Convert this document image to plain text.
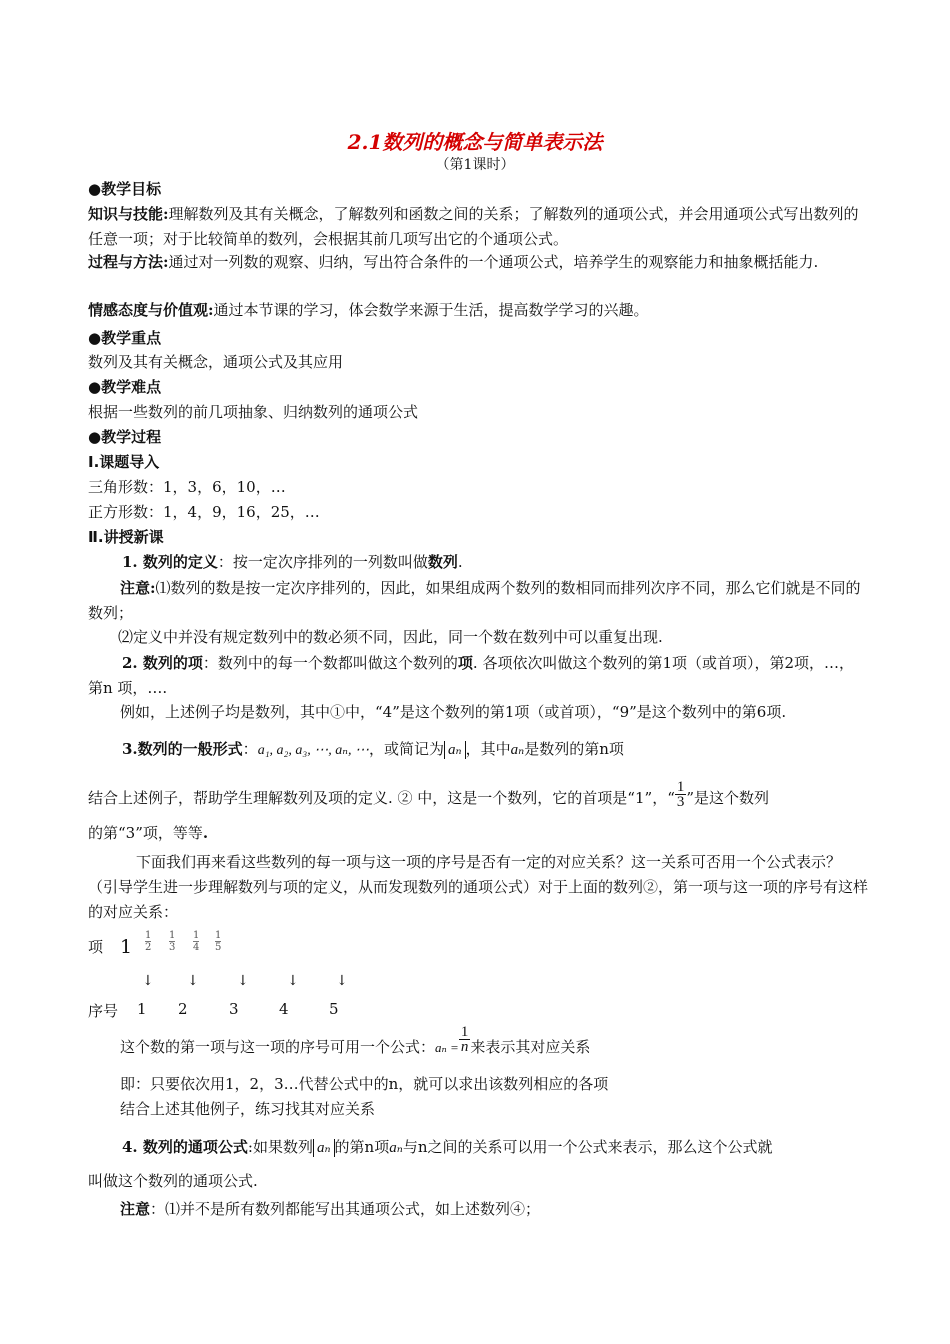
2.1数列的概念与简单表示法
（第1课时）
●教学目标
知识与技能:理解数列及其有关概念，了解数列和函数之间的关系；了解数列的通项公式，并会用通项公式写出数列的任意一项；对于比较简单的数列，会根据其前几项写出它的个通项公式。
过程与方法:通过对一列数的观察、归纳，写出符合条件的一个通项公式，培养学生的观察能力和抽象概括能力.
情感态度与价值观:通过本节课的学习，体会数学来源于生活，提高数学学习的兴趣。
●教学重点
数列及其有关概念，通项公式及其应用
●教学难点
根据一些数列的前几项抽象、归纳数列的通项公式
●教学过程
Ⅰ.课题导入
三角形数：1，3，6，10，…
正方形数：1，4，9，16，25，…
Ⅱ.讲授新课
1. 数列的定义：按一定次序排列的一列数叫做数列.
注意:⑴数列的数是按一定次序排列的，因此，如果组成两个数列的数相同而排列次序不同，那么它们就是不同的数列；
⑵定义中并没有规定数列中的数必须不同，因此，同一个数在数列中可以重复出现.
2. 数列的项：数列中的每一个数都叫做这个数列的项. 各项依次叫做这个数列的第1项（或首项），第2项，…，第n 项，….
例如，上述例子均是数列，其中①中，“4”是这个数列的第1项（或首项），“9”是这个数列中的第6项.
3.数列的一般形式：a₁, a₂, a₃, ⋯, aₙ, ⋯，或简记为 aₙ ，其中aₙ是数列的第n项
结合上述例子，帮助学生理解数列及项的定义. ② 中，这是一个数列，它的首项是“1”，“ $\frac{1}{3}$ ”是这个数列
的第“3”项，等等.
下面我们再来看这些数列的每一项与这一项的序号是否有一定的对应关系？这一关系可否用一个公式表示？（引导学生进一步理解数列与项的定义，从而发现数列的通项公式）对于上面的数列②，第一项与这一项的序号有这样的对应关系：
项 $1 \frac{1}{2} \frac{1}{3} \frac{1}{4} \frac{1}{5}$
↓ ↓	↓	↓	↓
序号 1 2	3	4	5
这个数的第一项与这一项的序号可用一个公式：$a_n = \frac{1}{n}$ 来表示其对应关系
即：只要依次用1，2，3…代替公式中的n，就可以求出该数列相应的各项
结合上述其他例子，练习找其对应关系
4. 数列的通项公式:如果数列 aₙ 的第n项aₙ与n之间的关系可以用一个公式来表示，那么这个公式就
叫做这个数列的通项公式.
注意：⑴并不是所有数列都能写出其通项公式，如上述数列④；
